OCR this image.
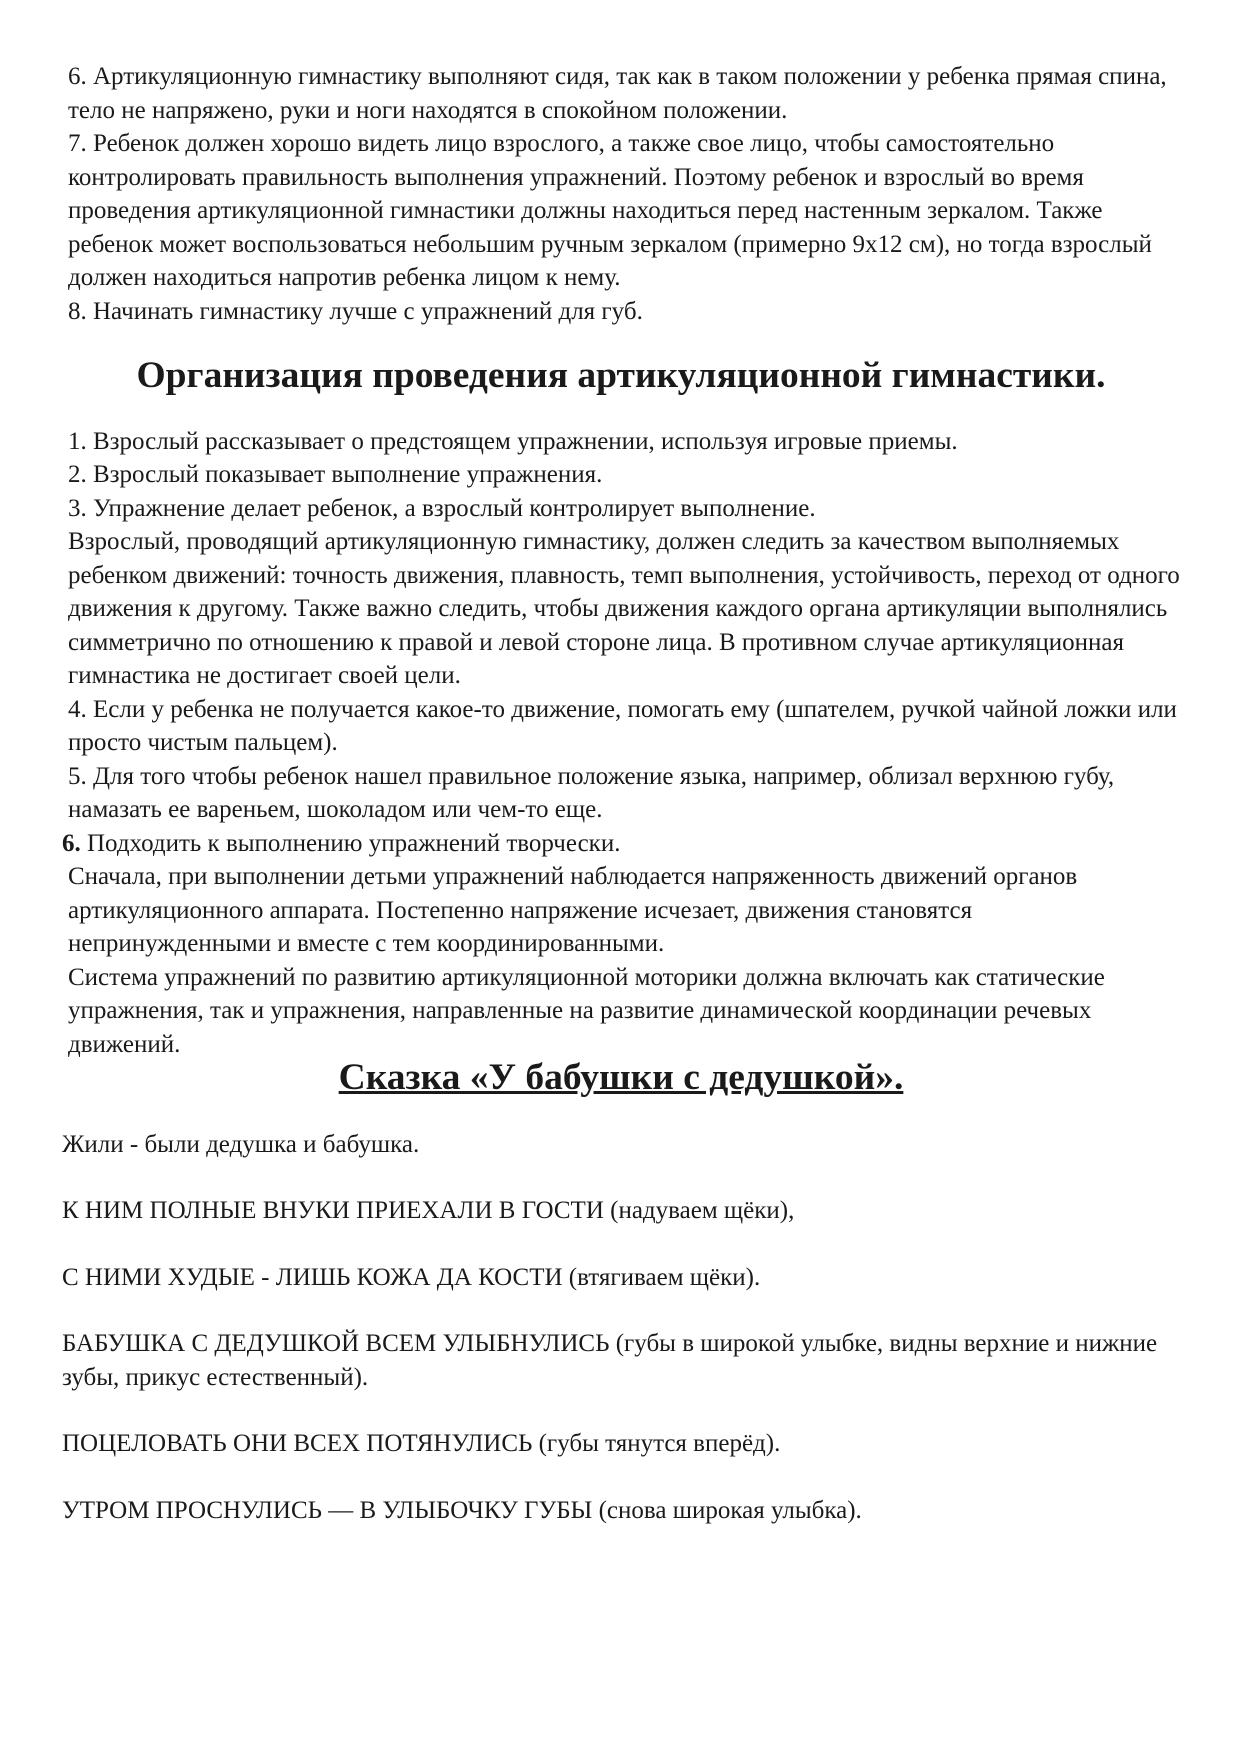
6. Артикуляционную гимнастику выполняют сидя, так как в таком положении у ребенка прямая спина, тело не напряжено, руки и ноги находятся в спокойном положении.

7. Ребенок должен хорошо видеть лицо взрослого, а также свое лицо, чтобы самостоятельно контролировать правильность выполнения упражнений. Поэтому ребенок и взрослый во время проведения артикуляционной гимнастики должны находиться перед настенным зеркалом. Также ребенок может воспользоваться небольшим ручным зеркалом (примерно 9х12 см), но тогда взрослый должен находиться напротив ребенка лицом к нему.

8. Начинать гимнастику лучше с упражнений для губ.

Организация проведения артикуляционной гимнастики.

1. Взрослый рассказывает о предстоящем упражнении, используя игровые приемы.

2. Взрослый показывает выполнение упражнения.

3. Упражнение делает ребенок, а взрослый контролирует выполнение.

Взрослый, проводящий артикуляционную гимнастику, должен следить за качеством выполняемых ребенком движений: точность движения, плавность, темп выполнения, устойчивость, переход от одного движения к другому. Также важно следить, чтобы движения каждого органа артикуляции выполнялись симметрично по отношению к правой и левой стороне лица. В противном случае артикуляционная гимнастика не достигает своей цели.

4. Если у ребенка не получается какое-то движение, помогать ему (шпателем, ручкой чайной ложки или просто чистым пальцем).

5. Для того чтобы ребенок нашел правильное положение языка, например, облизал верхнюю губу, намазать ее вареньем, шоколадом или чем-то еще.

6. Подходить к выполнению упражнений творчески.

Сначала, при выполнении детьми упражнений наблюдается напряженность движений органов артикуляционного аппарата. Постепенно напряжение исчезает, движения становятся непринужденными и вместе с тем координированными.

Система упражнений по развитию артикуляционной моторики должна включать как статические упражнения, так и упражнения, направленные на развитие динамической координации речевых движений.

Сказка «У бабушки с дедушкой».

Жили - были дедушка и бабушка.

К НИМ ПОЛНЫЕ ВНУКИ ПРИЕХАЛИ В ГОСТИ (надуваем щёки),

С НИМИ ХУДЫЕ - ЛИШЬ КОЖА ДА КОСТИ (втягиваем щёки).

БАБУШКА С ДЕДУШКОЙ ВСЕМ УЛЫБНУЛИСЬ (губы в широкой улыбке, видны верхние и нижние зубы, прикус естественный).

ПОЦЕЛОВАТЬ ОНИ ВСЕХ ПОТЯНУЛИСЬ (губы тянутся вперёд).

УТРОМ ПРОСНУЛИСЬ — В УЛЫБОЧКУ ГУБЫ (снова широкая улыбка).
